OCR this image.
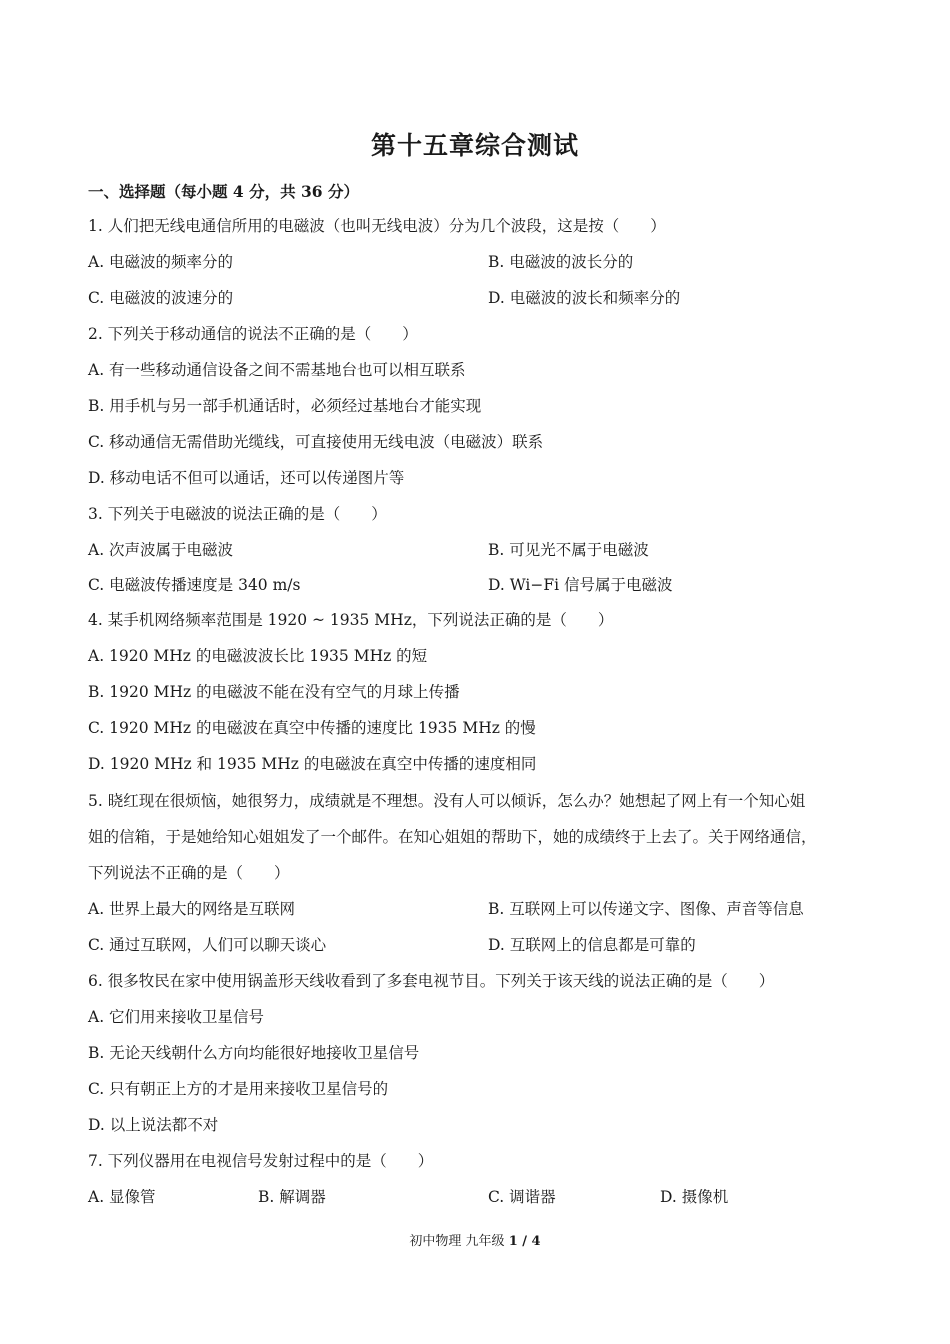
第十五章综合测试
一、选择题（每小题 4 分，共 36 分）
1. 人们把无线电通信所用的电磁波（也叫无线电波）分为几个波段，这是按（　　）
A. 电磁波的频率分的	B. 电磁波的波长分的
C. 电磁波的波速分的	D. 电磁波的波长和频率分的
2. 下列关于移动通信的说法不正确的是（　　）
A. 有一些移动通信设备之间不需基地台也可以相互联系
B. 用手机与另一部手机通话时，必须经过基地台才能实现
C. 移动通信无需借助光缆线，可直接使用无线电波（电磁波）联系
D. 移动电话不但可以通话，还可以传递图片等
3. 下列关于电磁波的说法正确的是（　　）
A. 次声波属于电磁波	B. 可见光不属于电磁波
C. 电磁波传播速度是 340 m/s	D. Wi−Fi 信号属于电磁波
4. 某手机网络频率范围是 1920 ~ 1935 MHz，下列说法正确的是（　　）
A. 1920 MHz 的电磁波波长比 1935 MHz 的短
B. 1920 MHz 的电磁波不能在没有空气的月球上传播
C. 1920 MHz 的电磁波在真空中传播的速度比 1935 MHz 的慢
D. 1920 MHz 和 1935 MHz 的电磁波在真空中传播的速度相同
5. 晓红现在很烦恼，她很努力，成绩就是不理想。没有人可以倾诉，怎么办？她想起了网上有一个知心姐
姐的信箱，于是她给知心姐姐发了一个邮件。在知心姐姐的帮助下，她的成绩终于上去了。关于网络通信，
下列说法不正确的是（　　）
A. 世界上最大的网络是互联网	B. 互联网上可以传递文字、图像、声音等信息
C. 通过互联网，人们可以聊天谈心	D. 互联网上的信息都是可靠的
6. 很多牧民在家中使用锅盖形天线收看到了多套电视节目。下列关于该天线的说法正确的是（　　）
A. 它们用来接收卫星信号
B. 无论天线朝什么方向均能很好地接收卫星信号
C. 只有朝正上方的才是用来接收卫星信号的
D. 以上说法都不对
7. 下列仪器用在电视信号发射过程中的是（　　）
A. 显像管	B. 解调器	C. 调谐器	D. 摄像机
初中物理 九年级 1 / 4
